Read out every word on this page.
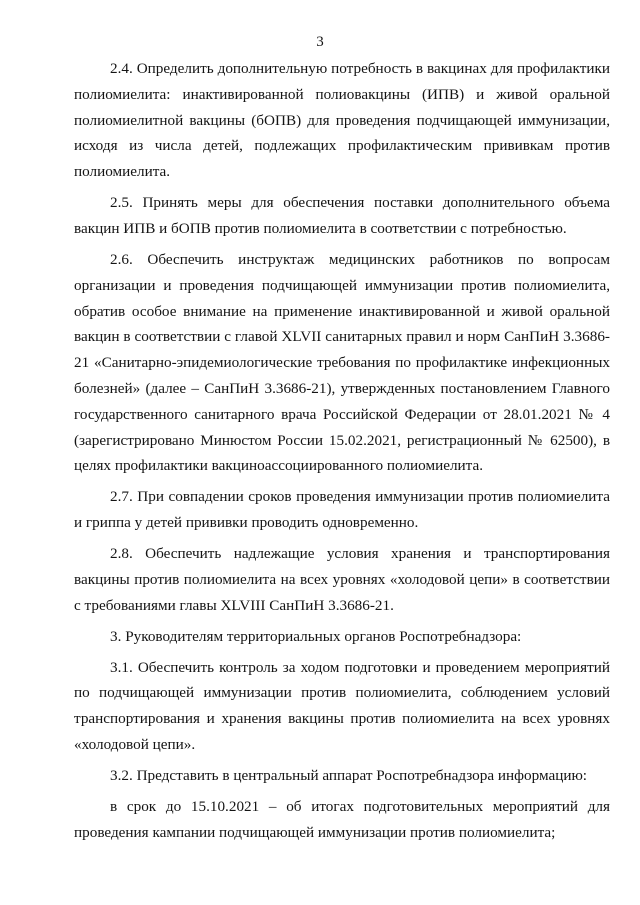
3

2.4. Определить дополнительную потребность в вакцинах для профилактики полиомиелита: инактивированной полиовакцины (ИПВ) и живой оральной полиомиелитной вакцины (бОПВ) для проведения подчищающей иммунизации, исходя из числа детей, подлежащих профилактическим прививкам против полиомиелита.

2.5. Принять меры для обеспечения поставки дополнительного объема вакцин ИПВ и бОПВ против полиомиелита в соответствии с потребностью.

2.6. Обеспечить инструктаж медицинских работников по вопросам организации и проведения подчищающей иммунизации против полиомиелита, обратив особое внимание на применение инактивированной и живой оральной вакцин в соответствии с главой XLVII санитарных правил и норм СанПиН 3.3686-21 «Санитарно-эпидемиологические требования по профилактике инфекционных болезней» (далее – СанПиН 3.3686-21), утвержденных постановлением Главного государственного санитарного врача Российской Федерации от 28.01.2021 № 4 (зарегистрировано Минюстом России 15.02.2021, регистрационный № 62500), в целях профилактики вакциноассоциированного полиомиелита.

2.7. При совпадении сроков проведения иммунизации против полиомиелита и гриппа у детей прививки проводить одновременно.

2.8. Обеспечить надлежащие условия хранения и транспортирования вакцины против полиомиелита на всех уровнях «холодовой цепи» в соответствии с требованиями главы XLVIII СанПиН 3.3686-21.

3. Руководителям территориальных органов Роспотребнадзора:

3.1. Обеспечить контроль за ходом подготовки и проведением мероприятий по подчищающей иммунизации против полиомиелита, соблюдением условий транспортирования и хранения вакцины против полиомиелита на всех уровнях «холодовой цепи».

3.2. Представить в центральный аппарат Роспотребнадзора информацию:

в срок до 15.10.2021 – об итогах подготовительных мероприятий для проведения кампании подчищающей иммунизации против полиомиелита;
